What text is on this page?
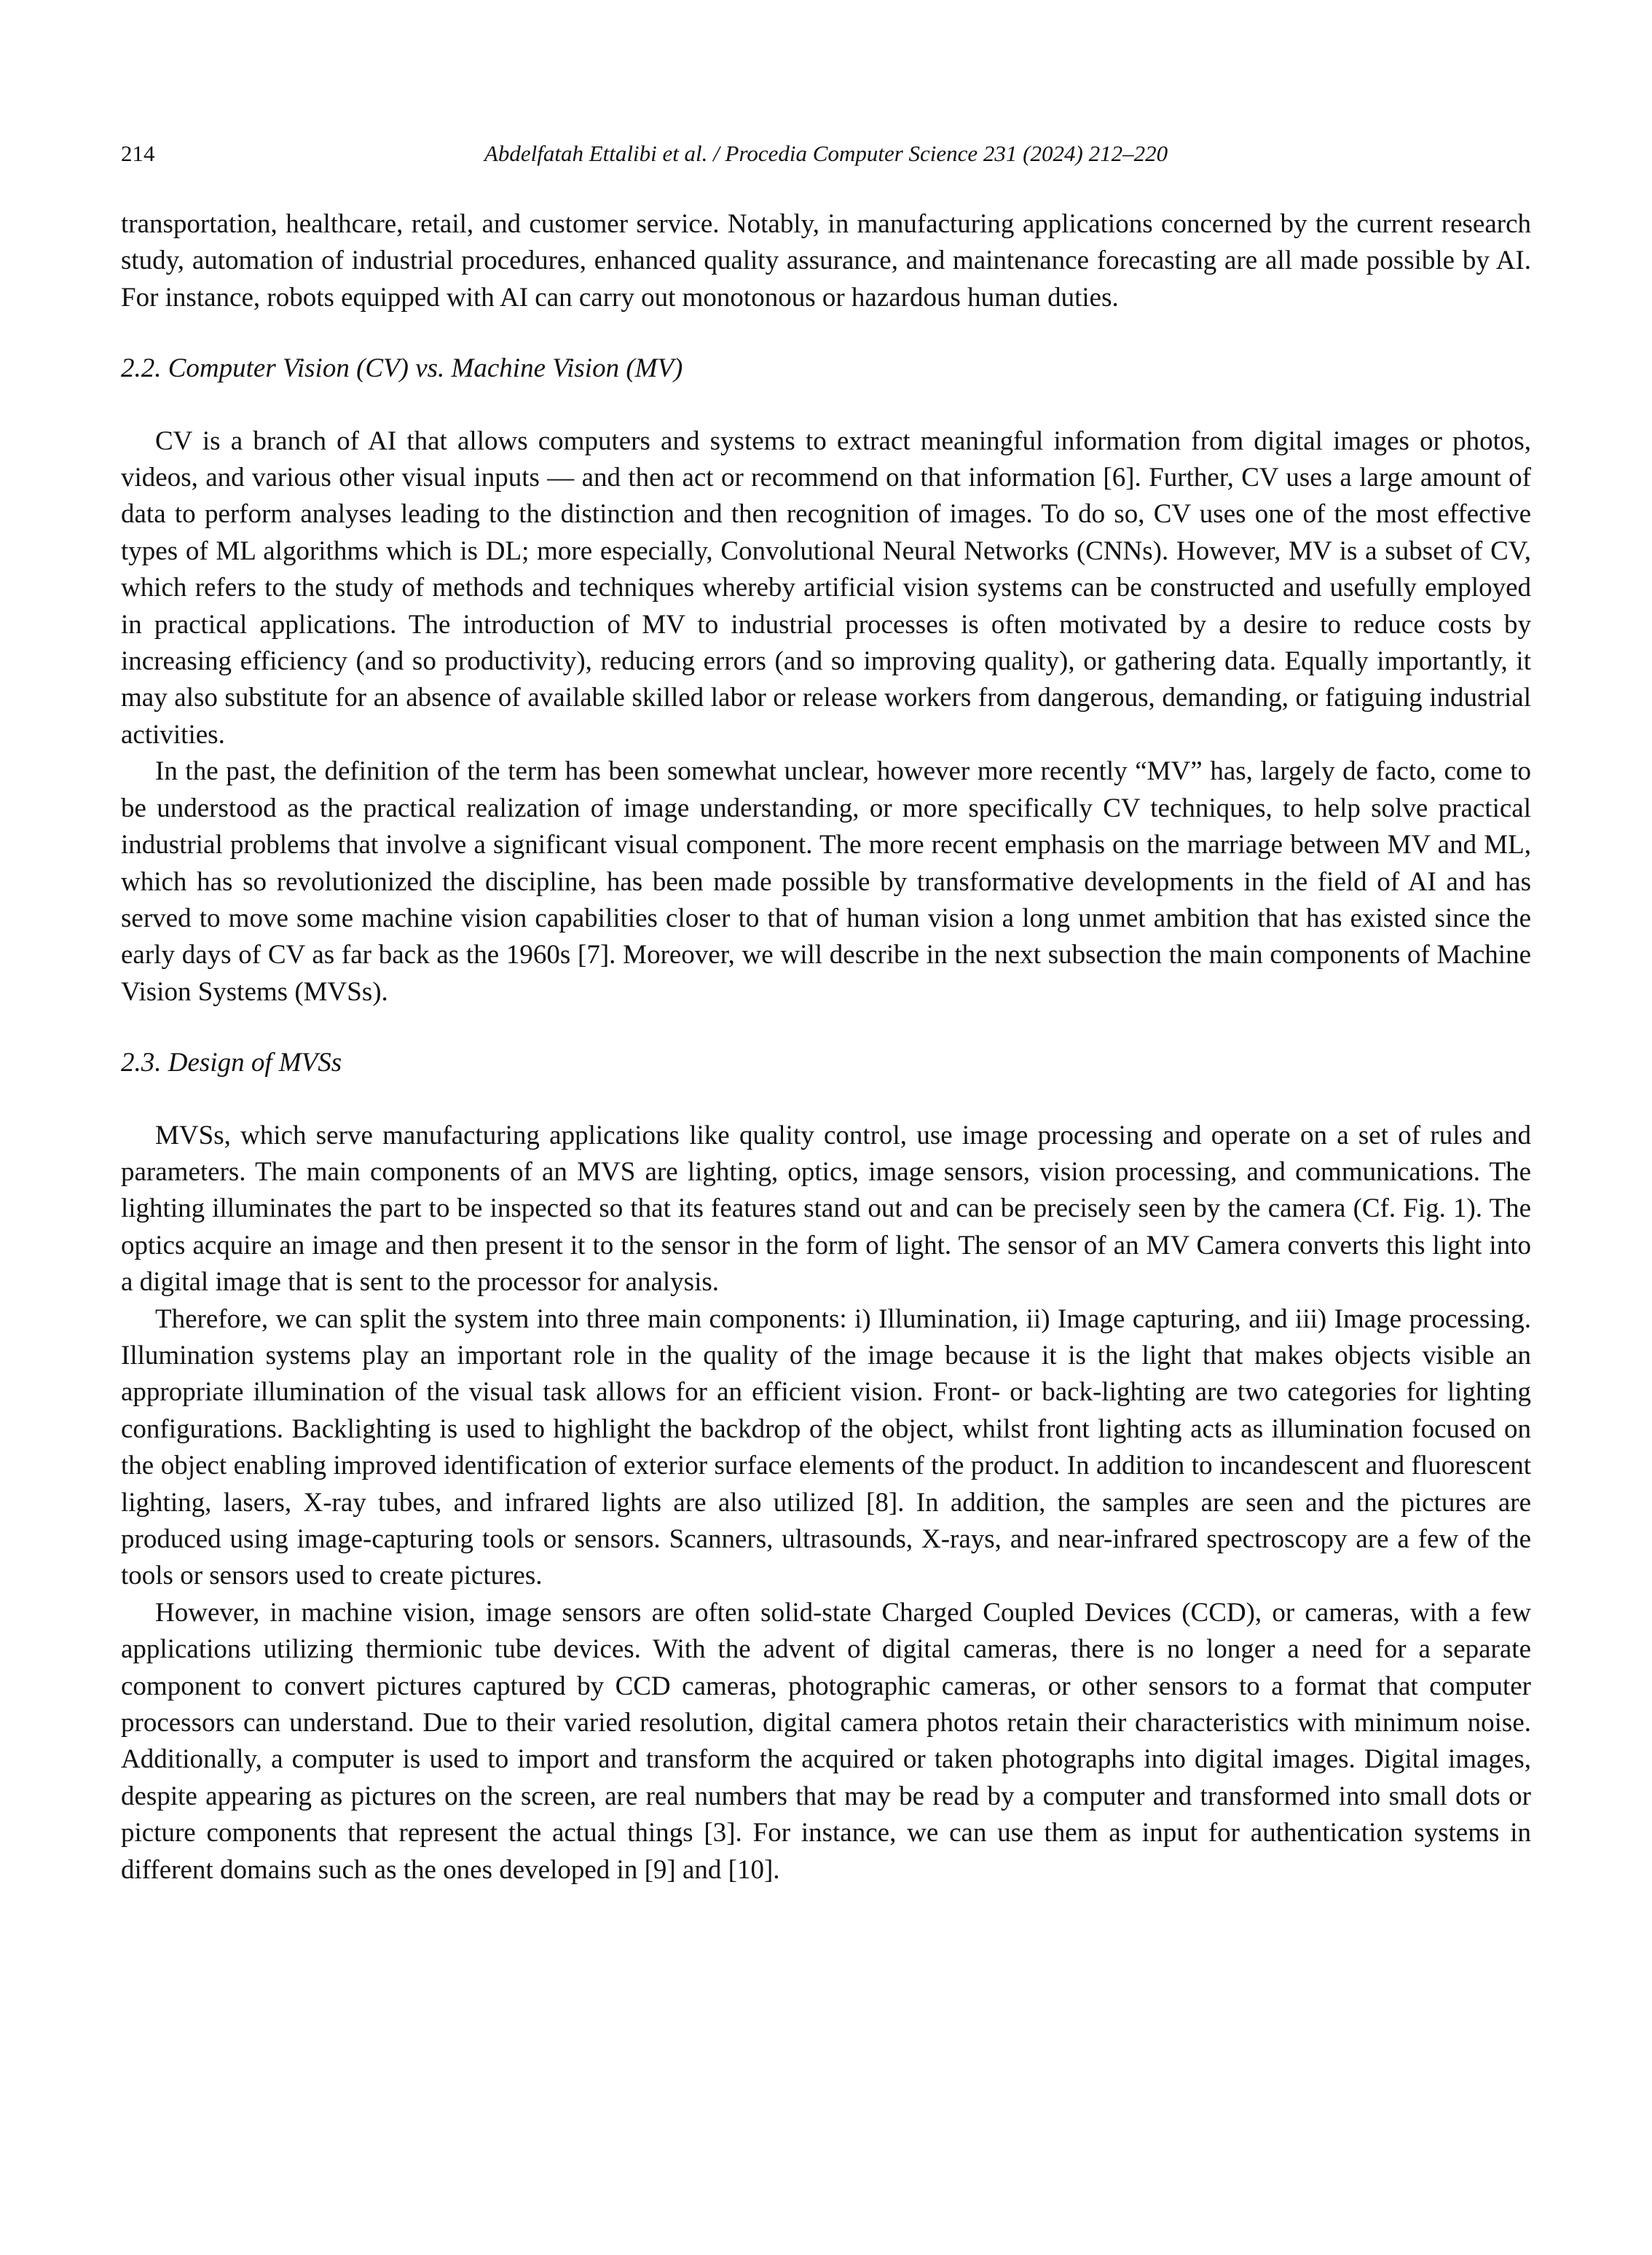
214	Abdelfatah Ettalibi et al. / Procedia Computer Science 231 (2024) 212–220

transportation, healthcare, retail, and customer service. Notably, in manufacturing applications concerned by the current research study, automation of industrial procedures, enhanced quality assurance, and maintenance forecasting are all made possible by AI. For instance, robots equipped with AI can carry out monotonous or hazardous human duties.

2.2. Computer Vision (CV) vs. Machine Vision (MV)

CV is a branch of AI that allows computers and systems to extract meaningful information from digital images or photos, videos, and various other visual inputs — and then act or recommend on that information [6]. Further, CV uses a large amount of data to perform analyses leading to the distinction and then recognition of images. To do so, CV uses one of the most effective types of ML algorithms which is DL; more especially, Convolutional Neural Networks (CNNs). However, MV is a subset of CV, which refers to the study of methods and techniques whereby artificial vision systems can be constructed and usefully employed in practical applications. The introduction of MV to industrial processes is often motivated by a desire to reduce costs by increasing efficiency (and so productivity), reducing errors (and so improving quality), or gathering data. Equally importantly, it may also substitute for an absence of available skilled labor or release workers from dangerous, demanding, or fatiguing industrial activities.

In the past, the definition of the term has been somewhat unclear, however more recently “MV” has, largely de facto, come to be understood as the practical realization of image understanding, or more specifically CV techniques, to help solve practical industrial problems that involve a significant visual component. The more recent emphasis on the marriage between MV and ML, which has so revolutionized the discipline, has been made possible by transformative developments in the field of AI and has served to move some machine vision capabilities closer to that of human vision a long unmet ambition that has existed since the early days of CV as far back as the 1960s [7]. Moreover, we will describe in the next subsection the main components of Machine Vision Systems (MVSs).

2.3. Design of MVSs

MVSs, which serve manufacturing applications like quality control, use image processing and operate on a set of rules and parameters. The main components of an MVS are lighting, optics, image sensors, vision processing, and communications. The lighting illuminates the part to be inspected so that its features stand out and can be precisely seen by the camera (Cf. Fig. 1). The optics acquire an image and then present it to the sensor in the form of light. The sensor of an MV Camera converts this light into a digital image that is sent to the processor for analysis.

Therefore, we can split the system into three main components: i) Illumination, ii) Image capturing, and iii) Image processing. Illumination systems play an important role in the quality of the image because it is the light that makes objects visible an appropriate illumination of the visual task allows for an efficient vision. Front- or back-lighting are two categories for lighting configurations. Backlighting is used to highlight the backdrop of the object, whilst front lighting acts as illumination focused on the object enabling improved identification of exterior surface elements of the product. In addition to incandescent and fluorescent lighting, lasers, X-ray tubes, and infrared lights are also utilized [8]. In addition, the samples are seen and the pictures are produced using image-capturing tools or sensors. Scanners, ultrasounds, X-rays, and near-infrared spectroscopy are a few of the tools or sensors used to create pictures.

However, in machine vision, image sensors are often solid-state Charged Coupled Devices (CCD), or cameras, with a few applications utilizing thermionic tube devices. With the advent of digital cameras, there is no longer a need for a separate component to convert pictures captured by CCD cameras, photographic cameras, or other sensors to a format that computer processors can understand. Due to their varied resolution, digital camera photos retain their characteristics with minimum noise. Additionally, a computer is used to import and transform the acquired or taken photographs into digital images. Digital images, despite appearing as pictures on the screen, are real numbers that may be read by a computer and transformed into small dots or picture components that represent the actual things [3]. For instance, we can use them as input for authentication systems in different domains such as the ones developed in [9] and [10].
